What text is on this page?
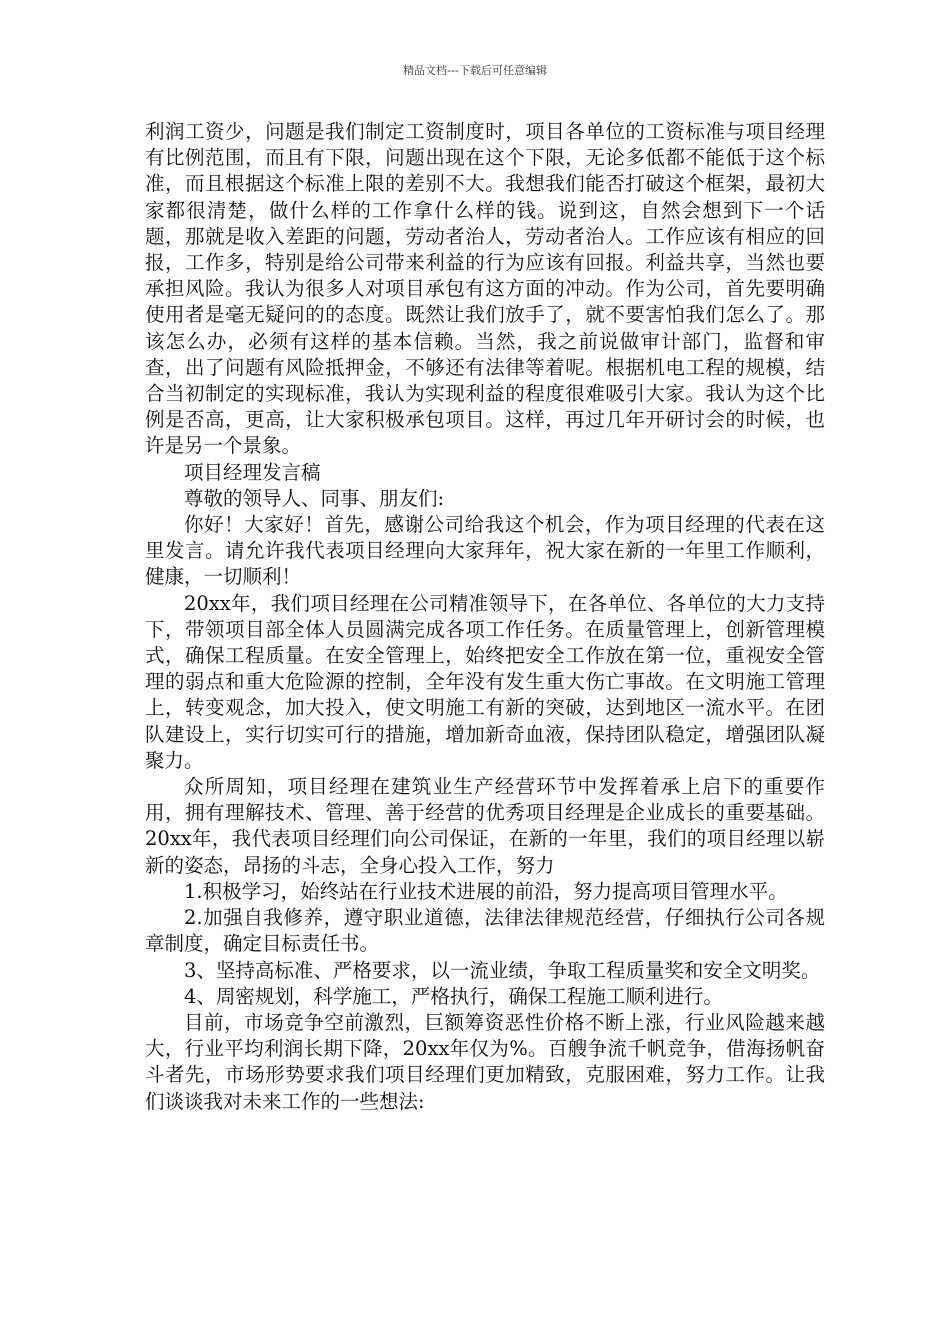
精品文档---下载后可任意编辑

利润工资少，问题是我们制定工资制度时，项目各单位的工资标准与项目经理有比例范围，而且有下限，问题出现在这个下限，无论多低都不能低于这个标准，而且根据这个标准上限的差别不大。我想我们能否打破这个框架，最初大家都很清楚，做什么样的工作拿什么样的钱。说到这，自然会想到下一个话题，那就是收入差距的问题，劳动者治人，劳动者治人。工作应该有相应的回报，工作多，特别是给公司带来利益的行为应该有回报。利益共享，当然也要承担风险。我认为很多人对项目承包有这方面的冲动。作为公司，首先要明确使用者是毫无疑问的的态度。既然让我们放手了，就不要害怕我们怎么了。那该怎么办，必须有这样的基本信赖。当然，我之前说做审计部门，监督和审查，出了问题有风险抵押金，不够还有法律等着呢。根据机电工程的规模，结合当初制定的实现标准，我认为实现利益的程度很难吸引大家。我认为这个比例是否高，更高，让大家积极承包项目。这样，再过几年开研讨会的时候，也许是另一个景象。

项目经理发言稿

尊敬的领导人、同事、朋友们:

你好！大家好！首先，感谢公司给我这个机会，作为项目经理的代表在这里发言。请允许我代表项目经理向大家拜年，祝大家在新的一年里工作顺利，健康，一切顺利！

20xx年，我们项目经理在公司精准领导下，在各单位、各单位的大力支持下，带领项目部全体人员圆满完成各项工作任务。在质量管理上，创新管理模式，确保工程质量。在安全管理上，始终把安全工作放在第一位，重视安全管理的弱点和重大危险源的控制，全年没有发生重大伤亡事故。在文明施工管理上，转变观念，加大投入，使文明施工有新的突破，达到地区一流水平。在团队建设上，实行切实可行的措施，增加新奇血液，保持团队稳定，增强团队凝聚力。

众所周知，项目经理在建筑业生产经营环节中发挥着承上启下的重要作用，拥有理解技术、管理、善于经营的优秀项目经理是企业成长的重要基础。20xx年，我代表项目经理们向公司保证，在新的一年里，我们的项目经理以崭新的姿态，昂扬的斗志，全身心投入工作，努力

1.积极学习，始终站在行业技术进展的前沿，努力提高项目管理水平。

2.加强自我修养，遵守职业道德，法律法律规范经营，仔细执行公司各规章制度，确定目标责任书。

3、坚持高标准、严格要求，以一流业绩，争取工程质量奖和安全文明奖。

4、周密规划，科学施工，严格执行，确保工程施工顺利进行。

目前，市场竞争空前激烈，巨额筹资恶性价格不断上涨，行业风险越来越大，行业平均利润长期下降，20xx年仅为%。百艘争流千帆竞争，借海扬帆奋斗者先，市场形势要求我们项目经理们更加精致，克服困难，努力工作。让我们谈谈我对未来工作的一些想法:
